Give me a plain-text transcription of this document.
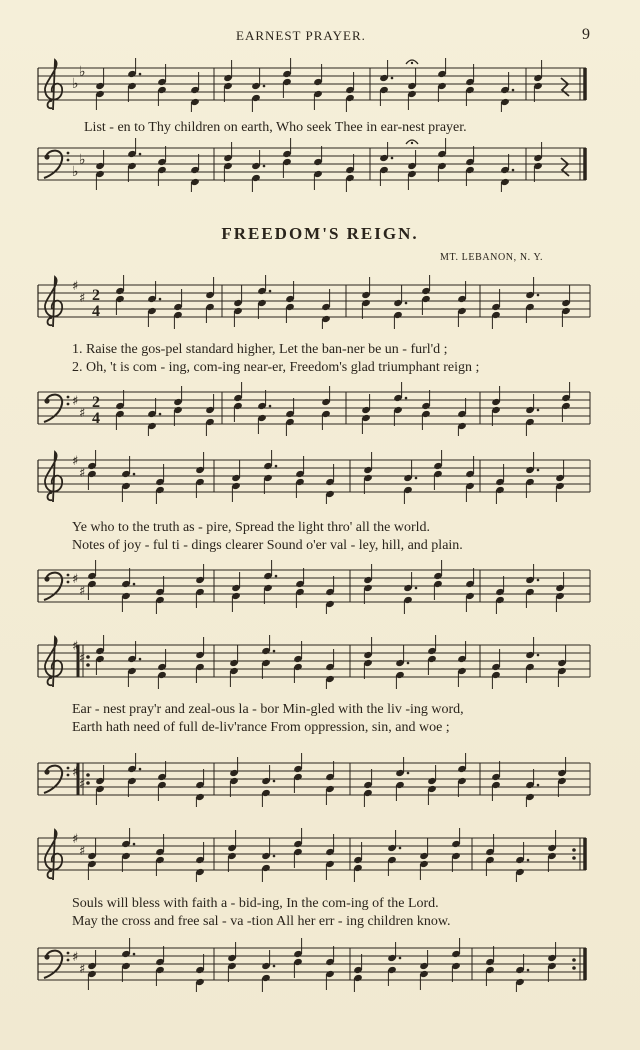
EARNEST PRAYER.	9
♭
♭
List - en to Thy children on earth, Who seek Thee in ear-nest prayer.
♭
♭
FREEDOM'S REIGN.
MT. LEBANON, N. Y.
♯
♯ 2
4
1. Raise the gos-pel standard higher, Let the ban-ner be un - furl'd ;
2. Oh, 't is com - ing, com-ing near-er, Freedom's glad triumphant reign ;
♯
♯
2
4
♯
♯
Ye who to the truth as - pire, Spread the light thro' all the world.
Notes of joy - ful ti - dings clearer Sound o'er val - ley, hill, and plain.
♯
♯
♯
♯
Ear - nest pray'r and zeal-ous la - bor Min-gled with the liv -ing word,
Earth hath need of full de-liv'rance From oppression, sin, and woe ;
♯
♯
♯
♯
Souls will bless with faith a - bid-ing, In the com-ing of the Lord.
May the cross and free sal - va -tion All her err - ing children know.
♯
♯
